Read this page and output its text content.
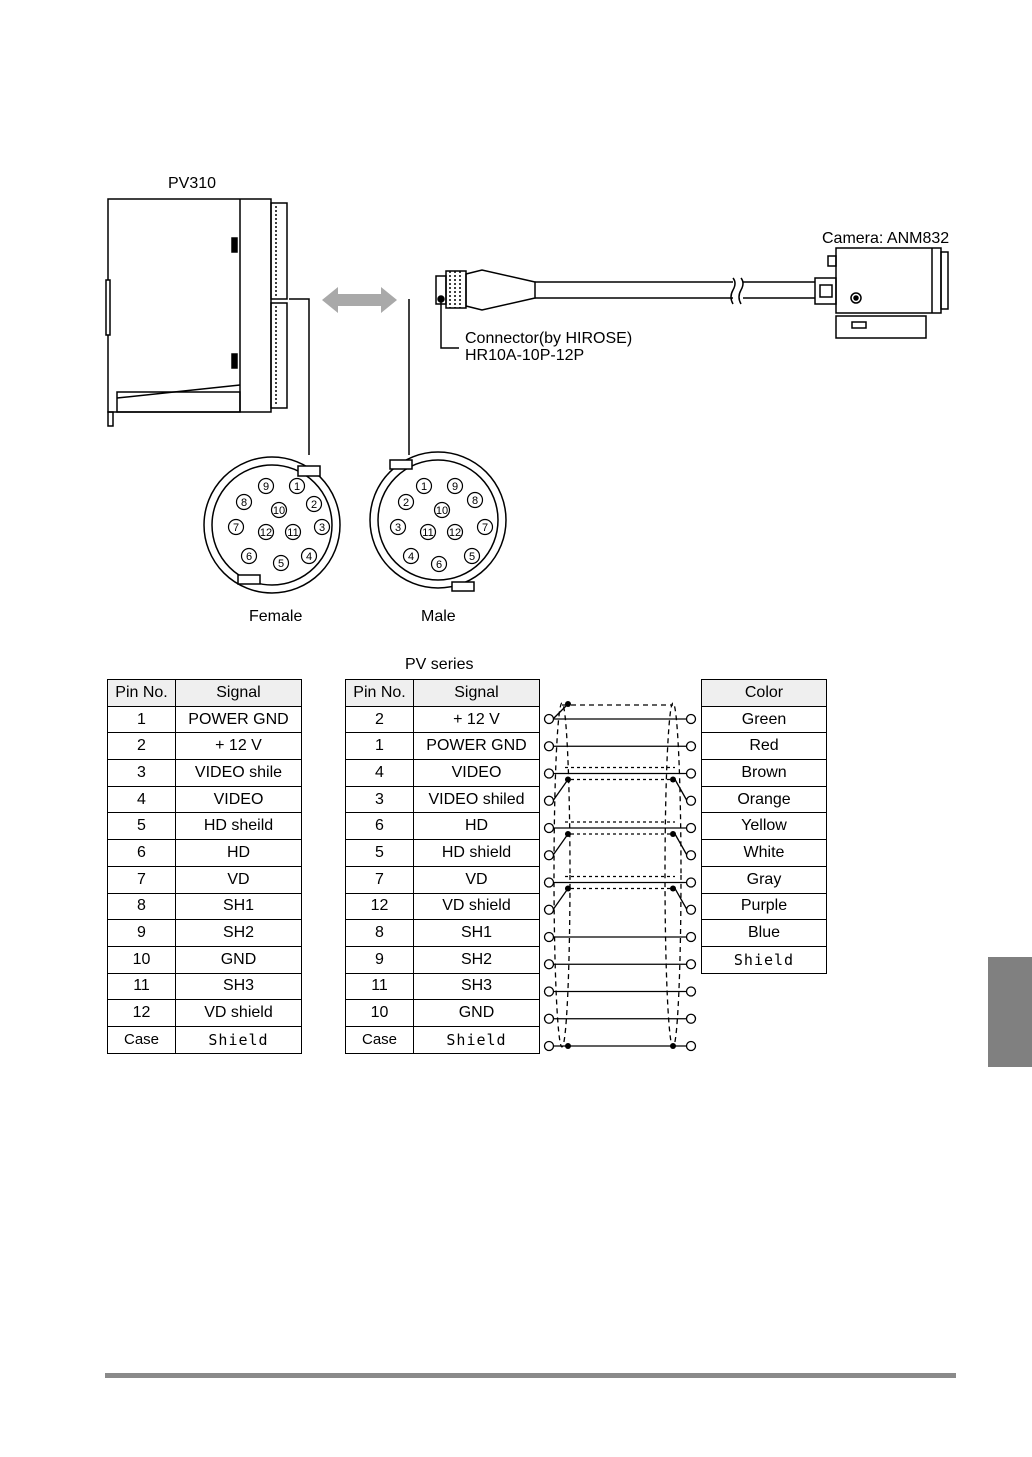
PV310
Connector(by HIROSE)
HR10A-10P-12P
Camera: ANM832
9 1
8
10 2
7 12 11 3
6
5
4
Female
1 9
2
10
8
3 11 12 7
4
6
5
Male
PV series
Pin No.	Signal
1	POWER GND
2	+ 12 V
3	VIDEO shile
4	VIDEO
5	HD sheild
6	HD
7	VD
8	SH1
9	SH2
10	GND
11	SH3
12	VD shield
Case	Shield
Pin No.	Signal
2	+ 12 V
1	POWER GND
4	VIDEO
3	VIDEO shiled
6	HD
5	HD shield
7	VD
12	VD shield
8	SH1
9	SH2
11	SH3
10	GND
Case	Shield
Color
Green
Red
Brown

Orange

Yellow

White
Gray
Purple
Blue
Shield
